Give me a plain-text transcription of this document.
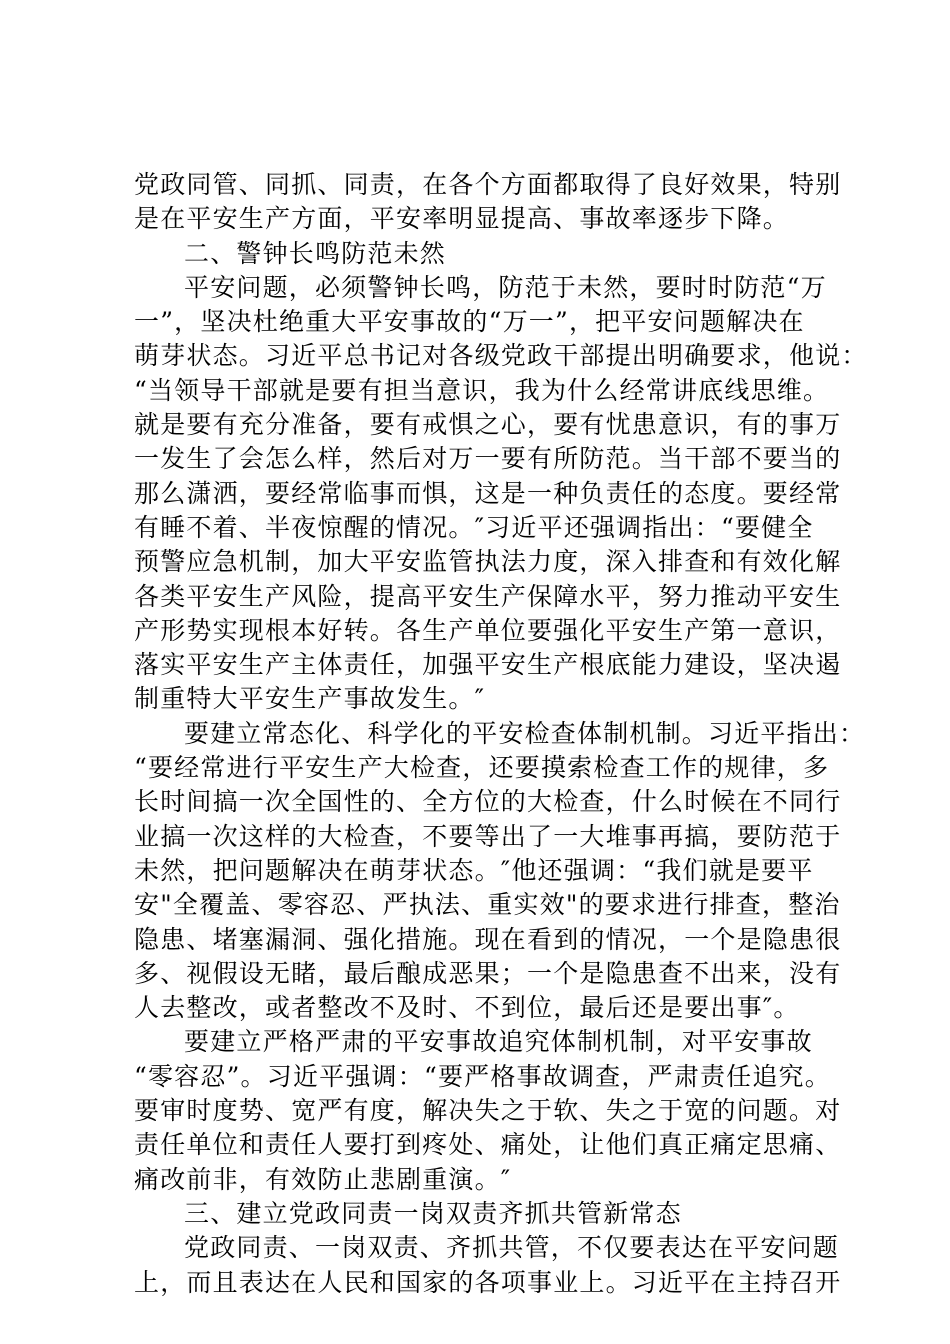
党政同管、同抓、同责，在各个方面都取得了良好效果，特别
是在平安生产方面，平安率明显提高、事故率逐步下降。
二、警钟长鸣防范未然
平安问题，必须警钟长鸣，防范于未然，要时时防范“万
一”，坚决杜绝重大平安事故的“万一”，把平安问题解决在
萌芽状态。习近平总书记对各级党政干部提出明确要求，他说：
“当领导干部就是要有担当意识，我为什么经常讲底线思维。
就是要有充分准备，要有戒惧之心，要有忧患意识，有的事万
一发生了会怎么样，然后对万一要有所防范。当干部不要当的
那么潇洒，要经常临事而惧，这是一种负责任的态度。要经常
有睡不着、半夜惊醒的情况。″习近平还强调指出：“要健全
预警应急机制，加大平安监管执法力度，深入排查和有效化解
各类平安生产风险，提高平安生产保障水平，努力推动平安生
产形势实现根本好转。各生产单位要强化平安生产第一意识，
落实平安生产主体责任，加强平安生产根底能力建设，坚决遏
制重特大平安生产事故发生。″
要建立常态化、科学化的平安检查体制机制。习近平指出：
“要经常进行平安生产大检查，还要摸索检查工作的规律，多
长时间搞一次全国性的、全方位的大检查，什么时候在不同行
业搞一次这样的大检查，不要等出了一大堆事再搞，要防范于
未然，把问题解决在萌芽状态。″他还强调：“我们就是要平
安"全覆盖、零容忍、严执法、重实效"的要求进行排查，整治
隐患、堵塞漏洞、强化措施。现在看到的情况，一个是隐患很
多、视假设无睹，最后酿成恶果；一个是隐患查不出来，没有
人去整改，或者整改不及时、不到位，最后还是要出事″。
要建立严格严肃的平安事故追究体制机制，对平安事故
“零容忍”。习近平强调：“要严格事故调查，严肃责任追究。
要审时度势、宽严有度，解决失之于软、失之于宽的问题。对
责任单位和责任人要打到疼处、痛处，让他们真正痛定思痛、
痛改前非，有效防止悲剧重演。″
三、建立党政同责一岗双责齐抓共管新常态
党政同责、一岗双责、齐抓共管，不仅要表达在平安问题
上，而且表达在人民和国家的各项事业上。习近平在主持召开
